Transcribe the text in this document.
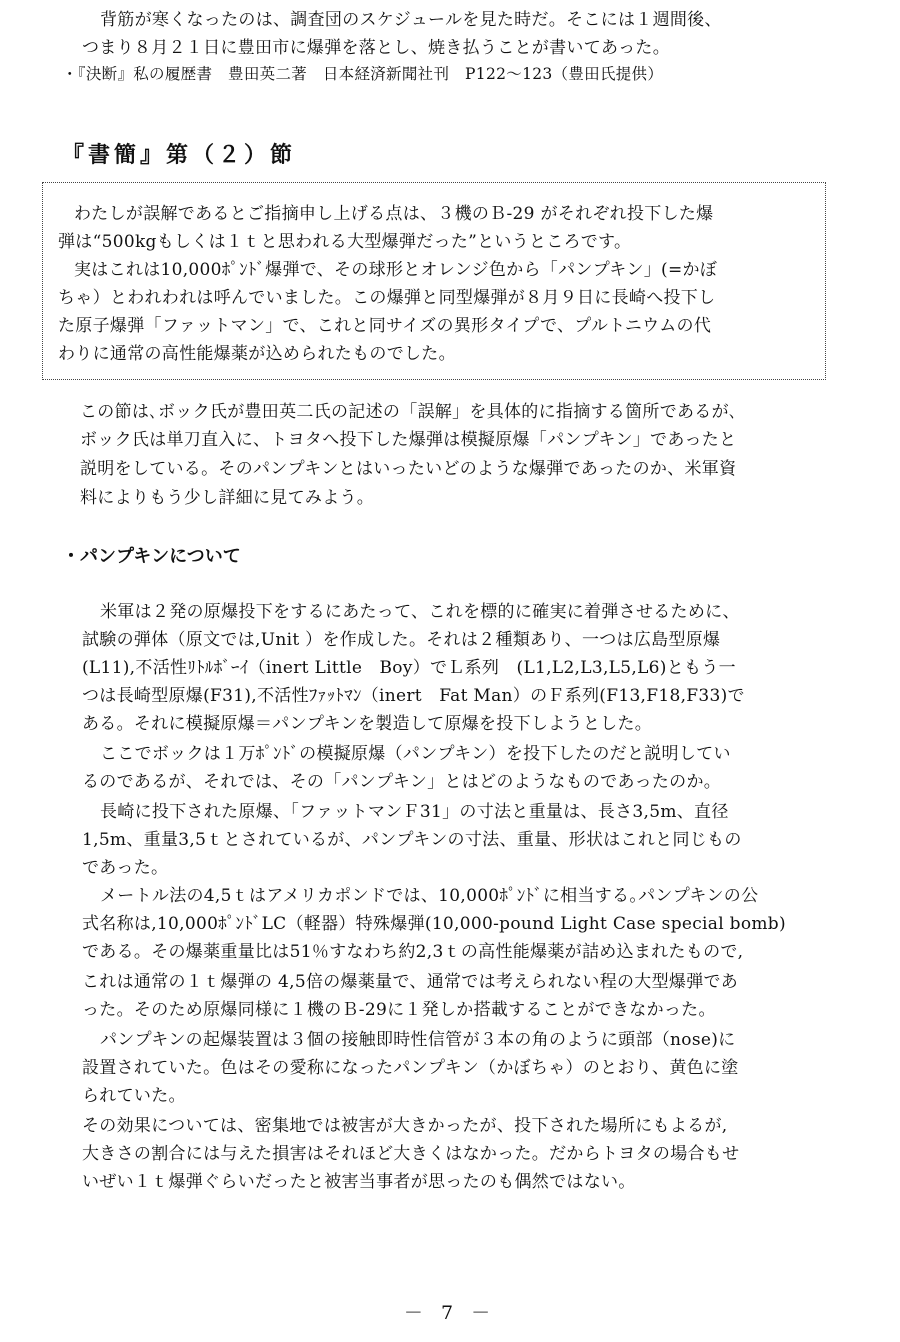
背筋が寒くなったのは、調査団のスケジュールを見た時だ。そこには１週間後、
つまり８月２１日に豊田市に爆弾を落とし、焼き払うことが書いてあった。
・『決断』私の履歴書　豊田英二著　日本経済新聞社刊　P122～123（豊田氏提供）
『書簡』第（２）節
わたしが誤解であるとご指摘申し上げる点は、３機のＢ-29 がそれぞれ投下した爆
弾は“500kgもしくは１ｔと思われる大型爆弾だった”というところです。
実はこれは10,000ﾎﾟﾝﾄﾞ爆弾で、その球形とオレンジ色から「パンプキン」(=かぼ
ちゃ）とわれわれは呼んでいました。この爆弾と同型爆弾が８月９日に長崎へ投下し
た原子爆弾「ファットマン」で、これと同サイズの異形タイプで、プルトニウムの代
わりに通常の高性能爆薬が込められたものでした。
この節は､ボック氏が豊田英二氏の記述の「誤解」を具体的に指摘する箇所であるが､
ボック氏は単刀直入に、トヨタへ投下した爆弾は模擬原爆「パンプキン」であったと
説明をしている。そのパンプキンとはいったいどのような爆弾であったのか、米軍資
料によりもう少し詳細に見てみよう。
・パンプキンについて
米軍は２発の原爆投下をするにあたって、これを標的に確実に着弾させるために、
試験の弾体（原文では,Unit ）を作成した。それは２種類あり、一つは広島型原爆
(L11),不活性ﾘﾄﾙﾎﾞｰｲ（inert Little　Boy）でＬ系列　(L1,L2,L3,L5,L6)ともう一
つは長崎型原爆(F31),不活性ﾌｧｯﾄﾏﾝ（inert　Fat Man）のＦ系列(F13,F18,F33)で
ある。それに模擬原爆＝パンプキンを製造して原爆を投下しようとした。
ここでボックは１万ﾎﾟﾝﾄﾞの模擬原爆（パンプキン）を投下したのだと説明してい
るのであるが、それでは、その「パンプキン」とはどのようなものであったのか。
長崎に投下された原爆、「ファットマンＦ31」の寸法と重量は、長さ3,5m、直径
1,5m、重量3,5ｔとされているが、パンプキンの寸法、重量、形状はこれと同じもの
であった。
メートル法の4,5ｔはアメリカポンドでは、10,000ﾎﾟﾝﾄﾞに相当する｡パンプキンの公
式名称は,10,000ﾎﾟﾝﾄﾞLC（軽器）特殊爆弾(10,000-pound Light Case special bomb)
である。その爆薬重量比は51％すなわち約2,3ｔの高性能爆薬が詰め込まれたもので,
これは通常の１ｔ爆弾の 4,5倍の爆薬量で、通常では考えられない程の大型爆弾であ
った。そのため原爆同様に１機のＢ-29に１発しか搭載することができなかった。
パンプキンの起爆装置は３個の接触即時性信管が３本の角のように頭部（nose)に
設置されていた。色はその愛称になったパンプキン（かぼちゃ）のとおり、黄色に塗
られていた。
その効果については、密集地では被害が大きかったが、投下された場所にもよるが,
大きさの割合には与えた損害はそれほど大きくはなかった。だからトヨタの場合もせ
いぜい１ｔ爆弾ぐらいだったと被害当事者が思ったのも偶然ではない。
－ 7 －
